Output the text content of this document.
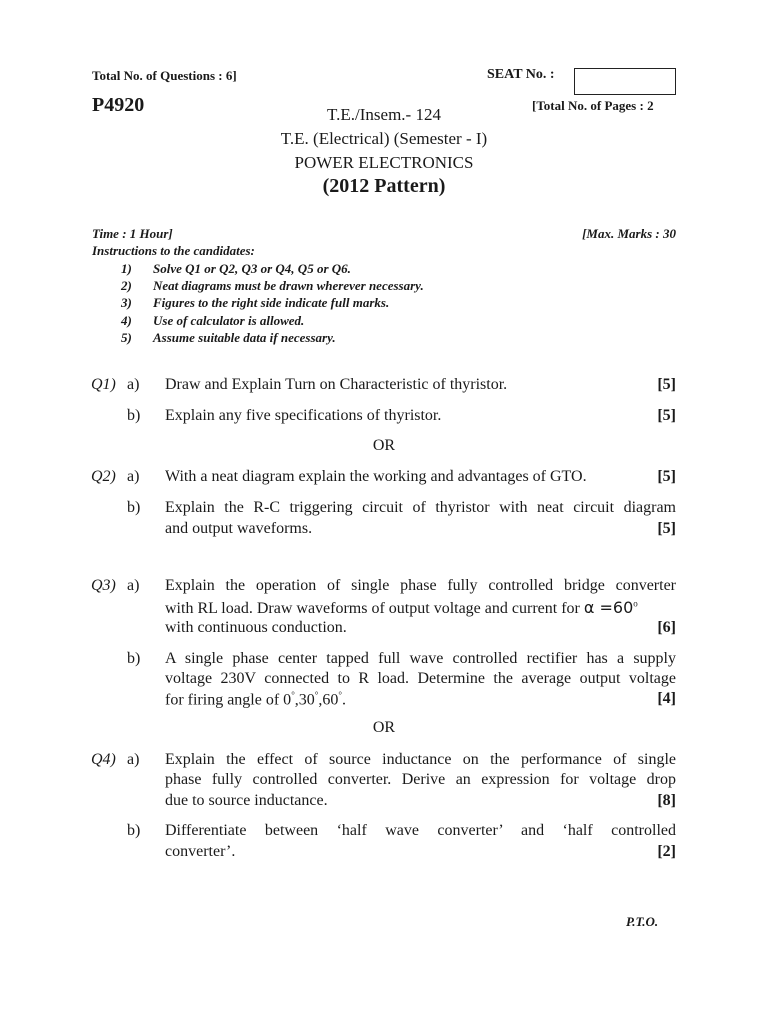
Total No. of Questions : 6]	SEAT No. :
P4920	[Total No. of Pages : 2
T.E./Insem.- 124
T.E. (Electrical) (Semester - I)
POWER ELECTRONICS
(2012 Pattern)
Time : 1 Hour]	[Max. Marks : 30
Instructions to the candidates:
1) Solve Q1 or Q2, Q3 or Q4, Q5 or Q6.
2) Neat diagrams must be drawn wherever necessary.
3) Figures to the right side indicate full marks.
4) Use of calculator is allowed.
5) Assume suitable data if necessary.
Q1) a) Draw and Explain Turn on Characteristic of thyristor.	[5]
b) Explain any five specifications of thyristor.	[5]
OR
Q2) a) With a neat diagram explain the working and advantages of GTO.	[5]
b) Explain the R-C triggering circuit of thyristor with neat circuit diagram
and output waveforms.	[5]
Q3) a) Explain the operation of single phase fully controlled bridge converter
with RL load. Draw waveforms of output voltage and current for $\alpha =60^o$
with continuous conduction.	[6]
b) A single phase center tapped full wave controlled rectifier has a supply
voltage 230V connected to R load. Determine the average output voltage
for firing angle of 0°,30°,60°.	[4]
OR
Q4) a) Explain the effect of source inductance on the performance of single
phase fully controlled converter. Derive an expression for voltage drop
due to source inductance.	[8]
b) Differentiate between ‘half wave converter’ and ‘half controlled
converter’.	[2]
P.T.O.
